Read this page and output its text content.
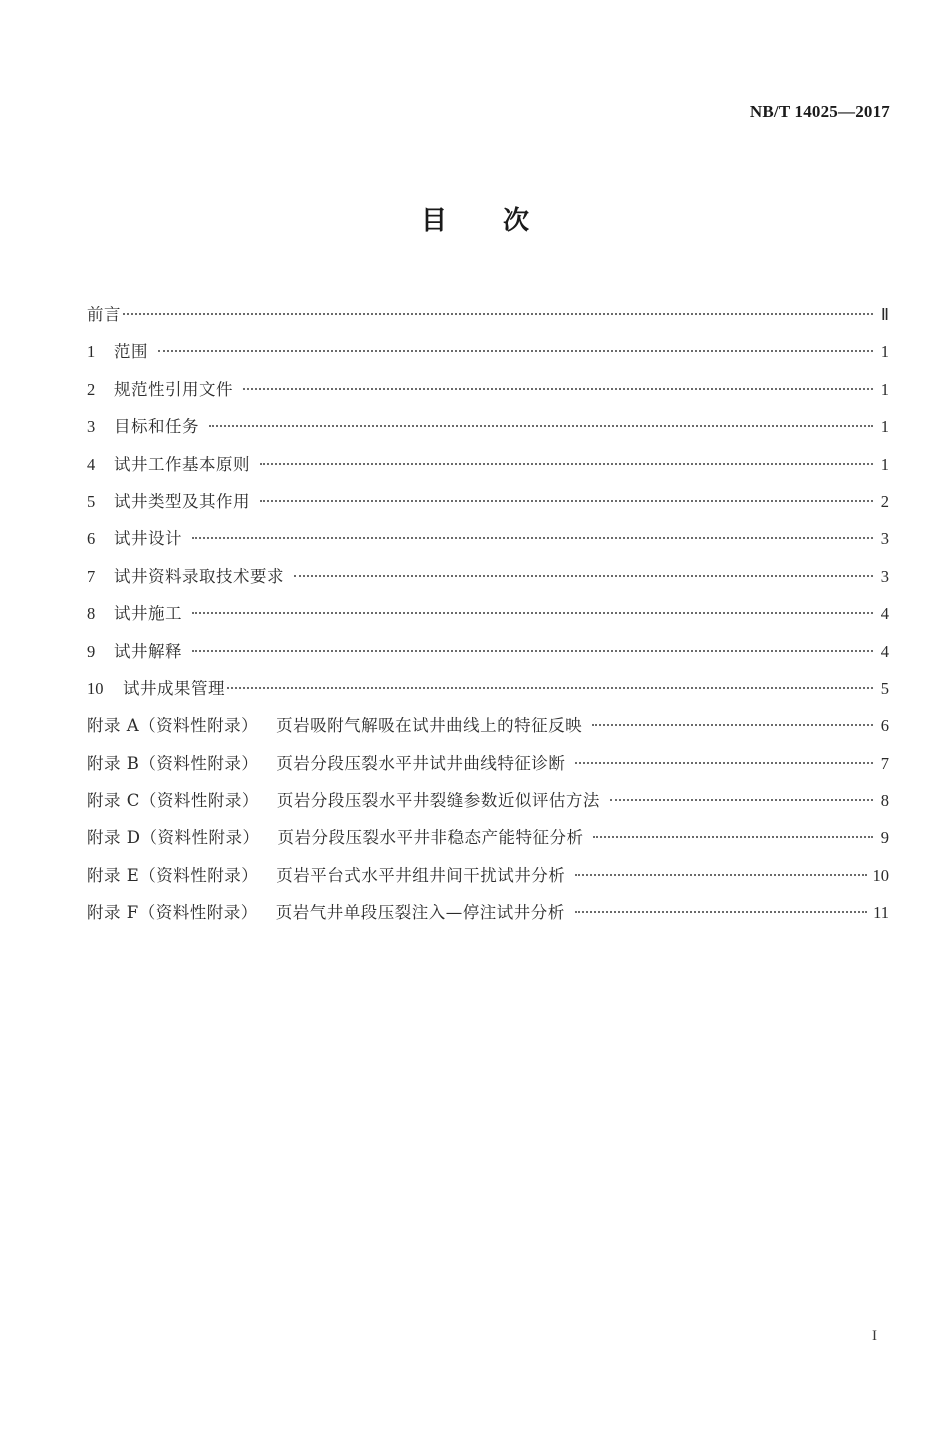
NB/T 14025—2017
目 次
前言	Ⅱ
1	范围	1
2	规范性引用文件	1
3	目标和任务	1
4	试井工作基本原则	1
5	试井类型及其作用	2
6	试井设计	3
7	试井资料录取技术要求	3
8	试井施工	4
9	试井解释	4
10	试井成果管理	5
附录 A（资料性附录） 页岩吸附气解吸在试井曲线上的特征反映	6
附录 B（资料性附录） 页岩分段压裂水平井试井曲线特征诊断	7
附录 C（资料性附录） 页岩分段压裂水平井裂缝参数近似评估方法	8
附录 D（资料性附录） 页岩分段压裂水平井非稳态产能特征分析	9
附录 E（资料性附录） 页岩平台式水平井组井间干扰试井分析	10
附录 F（资料性附录） 页岩气井单段压裂注入—停注试井分析	11
I
